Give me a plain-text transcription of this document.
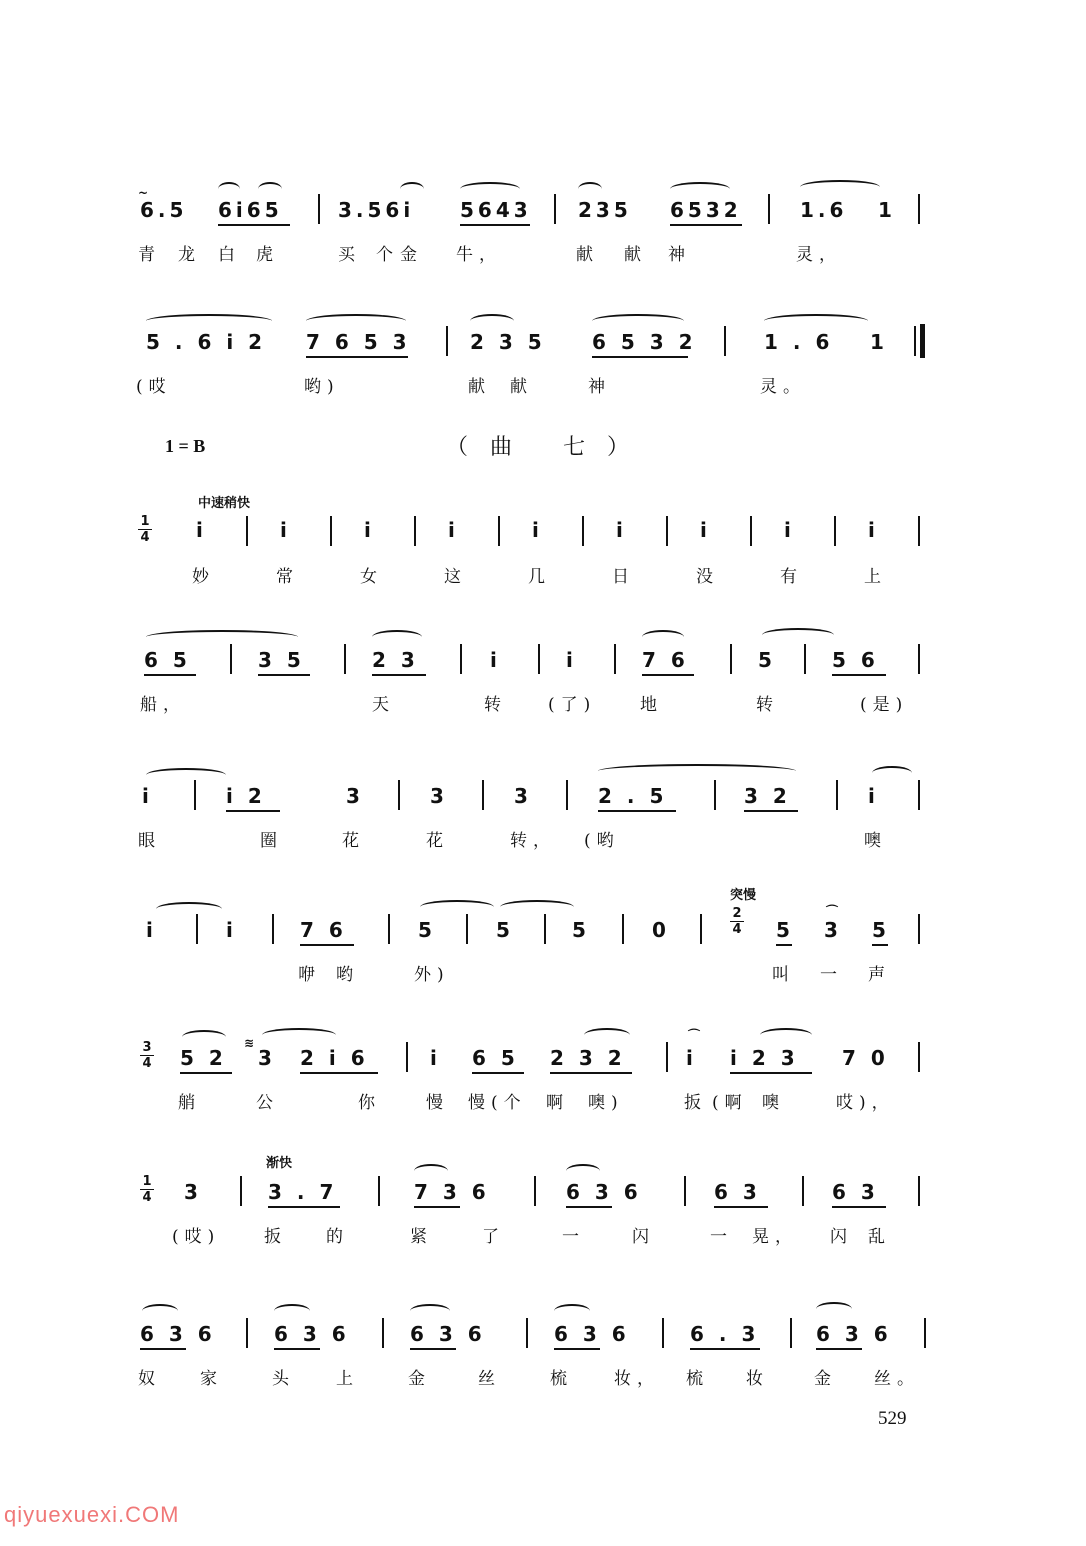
~
6.5 6i65	3.56i 5643 235 6532	1.6 1
青 龙 白 虎	买 个 金 牛，	献 献 神	灵，
5 . 6 i 2 7 6 5 3	2 3 5 6 5 3 2	1 . 6 1
(哎	哟)	献 献	神	灵。
1 = B	（曲 七）
中速稍快
1
4 i	i	i	i	i	i	i	i	i
妙	常	女	这	几	日	没	有	上
6 5	3 5	2 3	i	i	7 6	5	5 6
船，	天	转 (了)	地	转	(是)
i	i 2	3	3	3	2 . 5	3 2	i
眼	圈	花	花	转， (哟	噢
突慢
i	i	7 6	5	5	5	0
2
4 5
⌒
3 5
咿 哟	外)	叫 一 声
3
4 5 2
≋
3 2 i 6	i 6 5 2 3 2
⌒
i i 2 3 7 0
艄	公	你	慢 慢(个 啊 噢)	扳 (啊 噢	哎)，
渐快
1
4 3	3 . 7	7 3 6	6 3 6	6 3	6 3
(哎)	扳 的	紧	了	一	闪	一 晃， 闪 乱
6 3 6	6 3 6	6 3 6	6 3 6	6 . 3	6 3 6
奴 家	头 上	金	丝	梳 妆， 梳 妆	金 丝。
529
qiyuexuexi.COM
